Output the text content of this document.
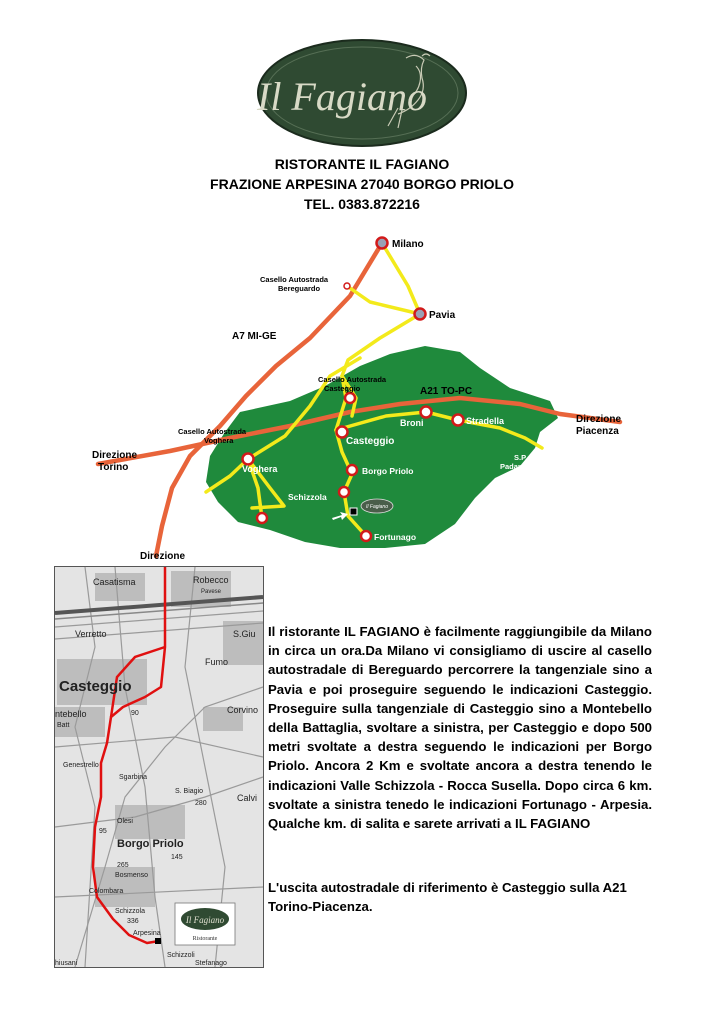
Il Fagiano
RISTORANTE IL FAGIANO
FRAZIONE ARPESINA 27040 BORGO PRIOLO
TEL. 0383.872216
Il Fagiano
Milano
Pavia
Casello Autostrada
Bereguardo
A7 MI-GE
Casello Autostrada
Casteggio	A21 TO-PC
Casello Autostrada
Voghera
Direzione
Torino
Direzione
Piacenza
Casteggio
Broni	Stradella
S.P. n. 10
Padana Inferiore
Voghera	Borgo Priolo
Schizzola
Fortunago
Salice Terme
Direzione
Casatisma	Robecco
Pavese
Verretto	S.Giu
Casteggio
Fumo
ntebello
Batt
Corvino
90
Genestrello
S. Biagio
280
Sgarbina
Calvi
Olesi
95
Borgo Priolo
145
265
Bosmenso
Colombara
Schizzola
336
Arpesina
Schizzoli
Stefanago
hiusani
Il Fagiano
Ristorante
Il ristorante IL FAGIANO è facilmente raggiungibile da Milano in circa un ora.Da Milano vi consigliamo di uscire al casello autostradale di Bereguardo percorrere la tangenziale sino a Pavia e poi proseguire seguendo le indicazioni Casteggio. Proseguire sulla tangenziale di Casteggio sino a Montebello della Battaglia, svoltare a sinistra, per Casteggio e dopo 500 metri svoltate a destra seguendo le indicazioni per Borgo Priolo. Ancora 2 Km e svoltate ancora a destra tenendo le indicazioni Valle Schizzola - Rocca Susella. Dopo circa 6 km. svoltate a sinistra tenedo le indicazioni Fortunago - Arpesia. Qualche km. di salita e sarete arrivati a IL FAGIANO
L'uscita autostradale di riferimento è Casteggio sulla A21 Torino-Piacenza.
